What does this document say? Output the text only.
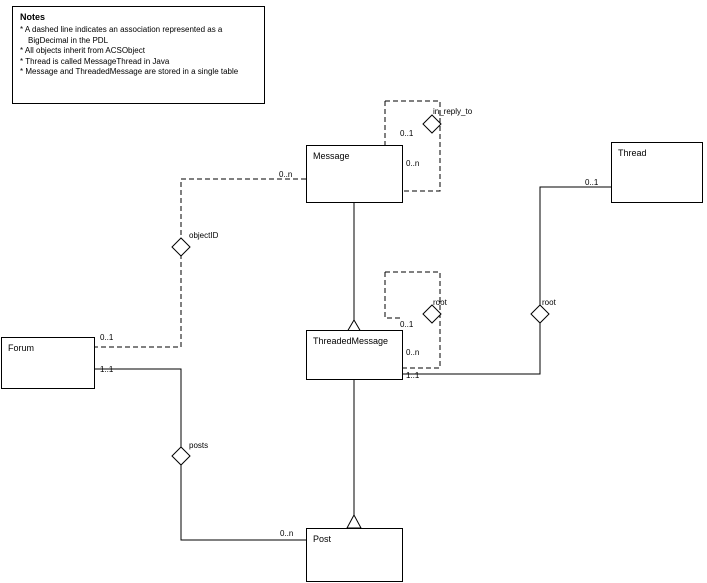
Notes
* A dashed line indicates an association represented as a BigDecimal in the PDL
* All objects inherit from ACSObject
* Thread is called MessageThread in Java
* Message and ThreadedMessage are stored in a single table
Message	Thread
Forum
ThreadedMessage
Post
in_reply_to
objectID
root	root
posts
0..1
0..n
0..n
0..1
0..1
0..n
0..1
1..1
1..1
0..n
